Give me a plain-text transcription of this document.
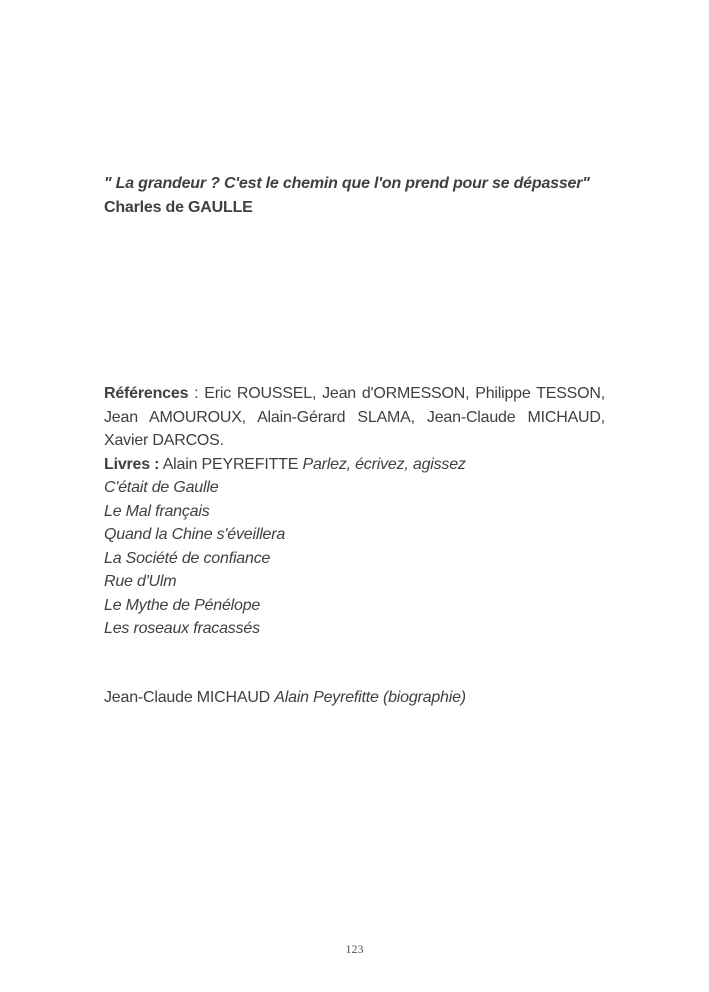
" La grandeur ? C'est le chemin que l'on prend pour se dépasser" Charles de GAULLE

Références : Eric ROUSSEL, Jean d'ORMESSON, Philippe TESSON, Jean AMOUROUX, Alain-Gérard SLAMA, Jean-Claude MICHAUD, Xavier DARCOS.

Livres : Alain PEYREFITTE Parlez, écrivez, agissez

C'était de Gaulle

Le Mal français

Quand la Chine s'éveillera

La Société de confiance

Rue d'Ulm

Le Mythe de Pénélope

Les roseaux fracassés

Jean-Claude MICHAUD Alain Peyrefitte (biographie)
123
